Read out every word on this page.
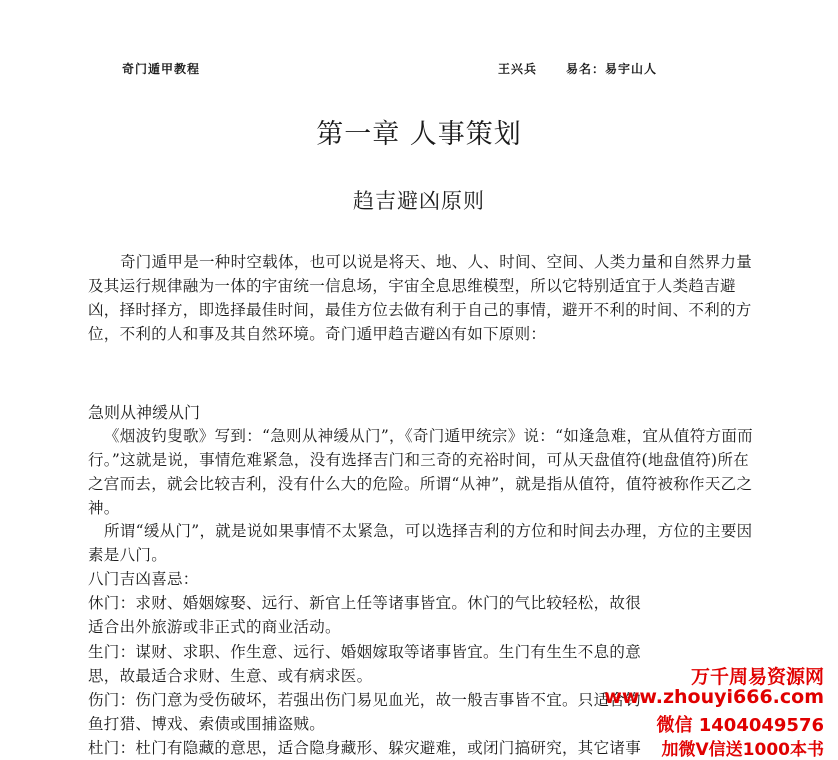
奇门遁甲教程	王兴兵 易名：易宇山人
第一章 人事策划
趋吉避凶原则
奇门遁甲是一种时空载体，也可以说是将天、地、人、时间、空间、人类力量和自然界力量及其运行规律融为一体的宇宙统一信息场，宇宙全息思维模型，所以它特别适宜于人类趋吉避凶，择时择方，即选择最佳时间，最佳方位去做有利于自己的事情，避开不利的时间、不利的方位，不利的人和事及其自然环境。奇门遁甲趋吉避凶有如下原则：
急则从神缓从门
《烟波钓叟歌》写到：“急则从神缓从门”，《奇门遁甲统宗》说：“如逢急难，宜从值符方面而行。”这就是说，事情危难紧急，没有选择吉门和三奇的充裕时间，可从天盘值符(地盘值符)所在之宫而去，就会比较吉利，没有什么大的危险。所谓“从神”，就是指从值符，值符被称作天乙之神。
所谓“缓从门”，就是说如果事情不太紧急，可以选择吉利的方位和时间去办理，方位的主要因素是八门。
八门吉凶喜忌：
休门：求财、婚姻嫁娶、远行、新官上任等诸事皆宜。休门的气比较轻松，故很
适合出外旅游或非正式的商业活动。
生门：谋财、求职、作生意、远行、婚姻嫁取等诸事皆宜。生门有生生不息的意
思，故最适合求财、生意、或有病求医。
伤门：伤门意为受伤破坏，若强出伤门易见血光，故一般吉事皆不宜。只适合钓
鱼打猎、博戏、索债或围捕盗贼。
杜门：杜门有隐藏的意思，适合隐身藏形、躲灾避难，或闭门搞研究，其它诸事
万千周易资源网
www.zhouyi666.com
微信 1404049576
加微V信送1000本书
